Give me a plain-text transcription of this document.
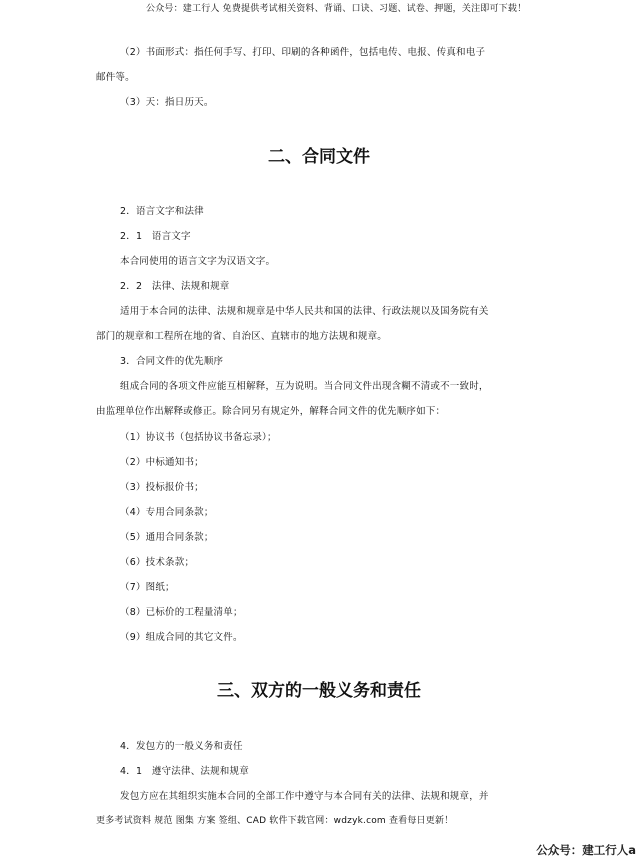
公众号：建工行人 免费提供考试相关资料、背诵、口诀、习题、试卷、押题，关注即可下载！
（2）书面形式：指任何手写、打印、印刷的各种函件，包括电传、电报、传真和电子
邮件等。
（3）天：指日历天。
二、合同文件
2．语言文字和法律
2．1　语言文字
本合同使用的语言文字为汉语文字。
2．2　法律、法规和规章
适用于本合同的法律、法规和规章是中华人民共和国的法律、行政法规以及国务院有关
部门的规章和工程所在地的省、自治区、直辖市的地方法规和规章。
3．合同文件的优先顺序
组成合同的各项文件应能互相解释，互为说明。当合同文件出现含糊不清或不一致时，
由监理单位作出解释或修正。除合同另有规定外，解释合同文件的优先顺序如下：
（1）协议书（包括协议书备忘录）；
（2）中标通知书；
（3）投标报价书；
（4）专用合同条款；
（5）通用合同条款；
（6）技术条款；
（7）图纸；
（8）已标价的工程量清单；
（9）组成合同的其它文件。
三、双方的一般义务和责任
4．发包方的一般义务和责任
4．1　遵守法律、法规和规章
发包方应在其组织实施本合同的全部工作中遵守与本合同有关的法律、法规和规章，并
更多考试资料 规范 图集 方案 签组、CAD 软件下载官网：wdzyk.com 查看每日更新！
公众号：建工行人a
